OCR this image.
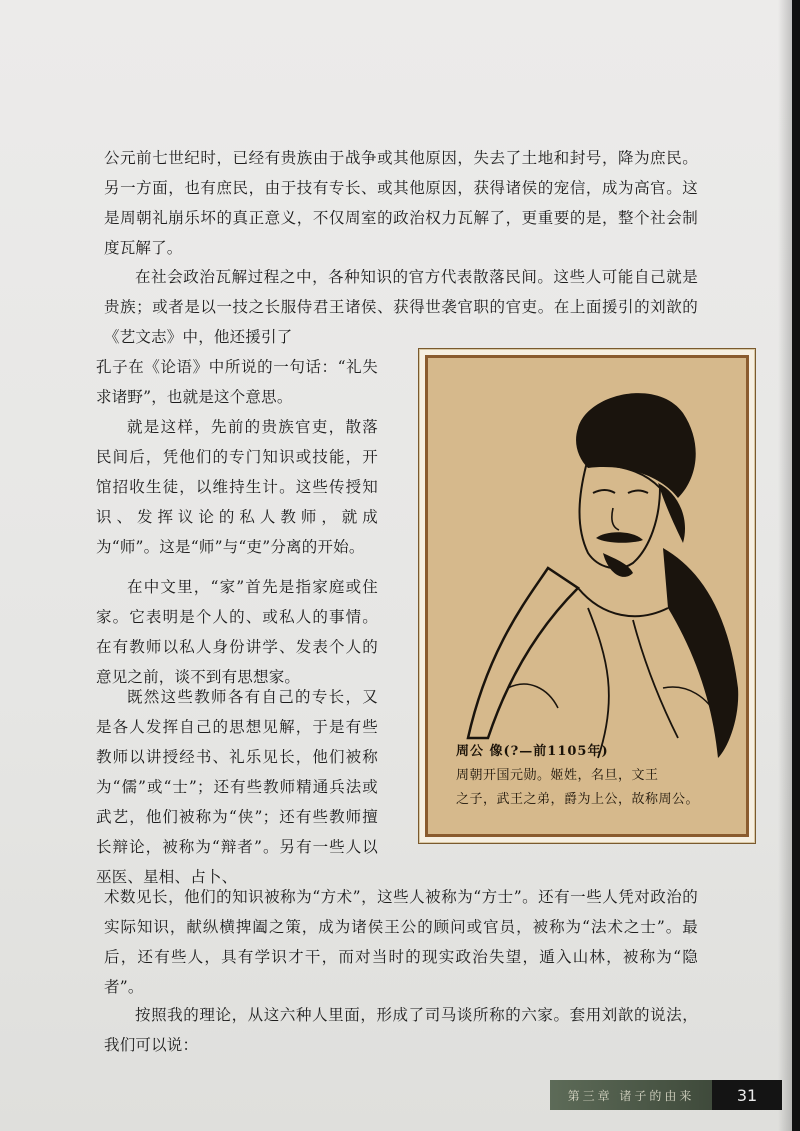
公元前七世纪时，已经有贵族由于战争或其他原因，失去了土地和封号，降为庶民。另一方面，也有庶民，由于技有专长、或其他原因，获得诸侯的宠信，成为高官。这是周朝礼崩乐坏的真正意义，不仅周室的政治权力瓦解了，更重要的是，整个社会制度瓦解了。

在社会政治瓦解过程之中，各种知识的官方代表散落民间。这些人可能自己就是贵族；或者是以一技之长服侍君王诸侯、获得世袭官职的官吏。在上面援引的刘歆的《艺文志》中，他还援引了

孔子在《论语》中所说的一句话：“礼失求诸野”，也就是这个意思。

就是这样，先前的贵族官吏，散落民间后，凭他们的专门知识或技能，开馆招收生徒，以维持生计。这些传授知识、发挥议论的私人教师，就成为“师”。这是“师”与“吏”分离的开始。

在中文里，“家”首先是指家庭或住家。它表明是个人的、或私人的事情。在有教师以私人身份讲学、发表个人的意见之前，谈不到有思想家。

既然这些教师各有自己的专长，又是各人发挥自己的思想见解，于是有些教师以讲授经书、礼乐见长，他们被称为“儒”或“士”；还有些教师精通兵法或武艺，他们被称为“侠”；还有些教师擅长辩论，被称为“辩者”。另有一些人以巫医、星相、占卜、

术数见长，他们的知识被称为“方术”，这些人被称为“方士”。还有一些人凭对政治的实际知识，献纵横捭阖之策，成为诸侯王公的顾问或官员，被称为“法术之士”。最后，还有些人，具有学识才干，而对当时的现实政治失望，遁入山林，被称为“隐者”。

按照我的理论，从这六种人里面，形成了司马谈所称的六家。套用刘歆的说法，我们可以说：

周公 像(?—前1105年)
周朝开国元勋。姬姓，名旦，文王
之子，武王之弟，爵为上公，故称周公。
第三章 诸子的由来	31
